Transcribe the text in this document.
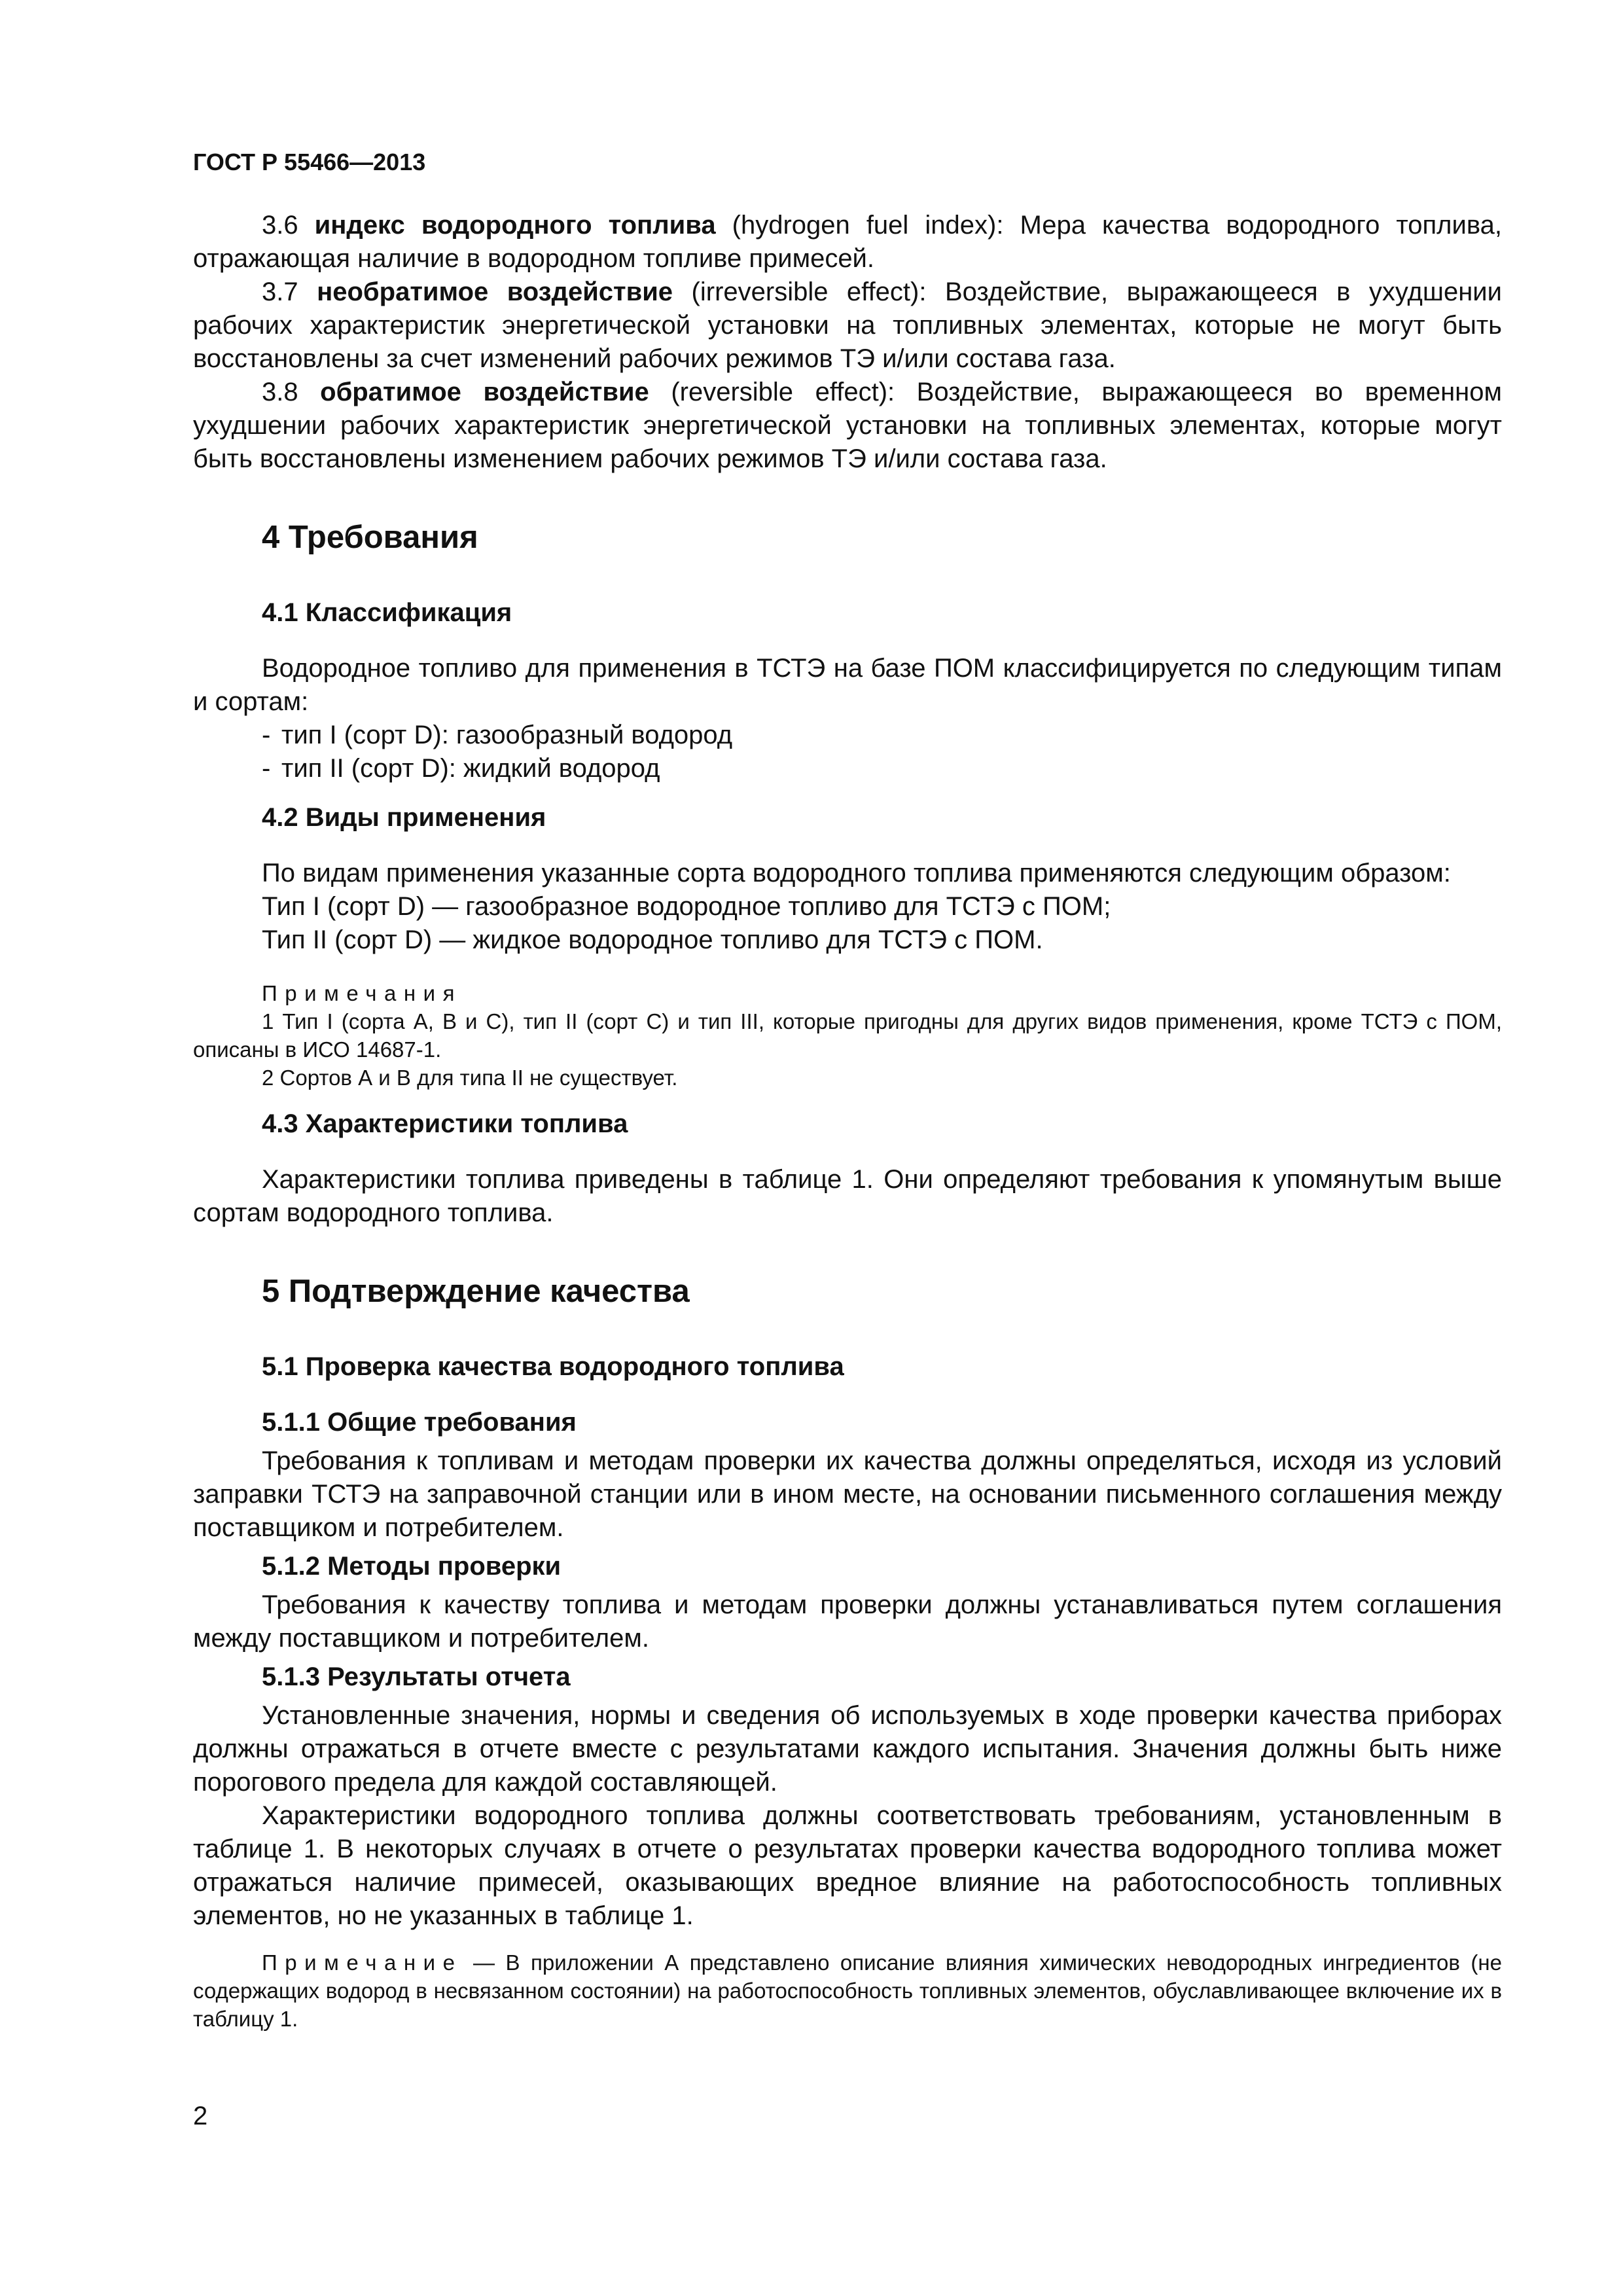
ГОСТ Р 55466—2013

3.6 индекс водородного топлива (hydrogen fuel index): Мера качества водородного топлива, отражающая наличие в водородном топливе примесей.

3.7 необратимое воздействие (irreversible effect): Воздействие, выражающееся в ухудшении рабочих характеристик энергетической установки на топливных элементах, которые не могут быть восстановлены за счет изменений рабочих режимов ТЭ и/или состава газа.

3.8 обратимое воздействие (reversible effect): Воздействие, выражающееся во временном ухудшении рабочих характеристик энергетической установки на топливных элементах, которые могут быть восстановлены изменением рабочих режимов ТЭ и/или состава газа.

4 Требования
4.1 Классификация

Водородное топливо для применения в ТСТЭ на базе ПОМ классифицируется по следующим типам и сортам:

- тип I (сорт D): газообразный водород
- тип II (сорт D): жидкий водород
4.2 Виды применения
По видам применения указанные сорта водородного топлива применяются следующим образом:
Тип I (сорт D) — газообразное водородное топливо для ТСТЭ с ПОМ;
Тип II (сорт D) — жидкое водородное топливо для ТСТЭ с ПОМ.

Примечания

1 Тип I (сорта А, В и С), тип II (сорт С) и тип III, которые пригодны для других видов применения, кроме ТСТЭ с ПОМ, описаны в ИСО 14687-1.

2 Сортов А и В для типа II не существует.

4.3 Характеристики топлива

Характеристики топлива приведены в таблице 1. Они определяют требования к упомянутым выше сортам водородного топлива.

5 Подтверждение качества
5.1 Проверка качества водородного топлива
5.1.1 Общие требования

Требования к топливам и методам проверки их качества должны определяться, исходя из условий заправки ТСТЭ на заправочной станции или в ином месте, на основании письменного соглашения между поставщиком и потребителем.

5.1.2 Методы проверки

Требования к качеству топлива и методам проверки должны устанавливаться путем соглашения между поставщиком и потребителем.

5.1.3 Результаты отчета

Установленные значения, нормы и сведения об используемых в ходе проверки качества приборах должны отражаться в отчете вместе с результатами каждого испытания. Значения должны быть ниже порогового предела для каждой составляющей.

Характеристики водородного топлива должны соответствовать требованиям, установленным в таблице 1. В некоторых случаях в отчете о результатах проверки качества водородного топлива может отражаться наличие примесей, оказывающих вредное влияние на работоспособность топливных элементов, но не указанных в таблице 1.

Примечание — В приложении А представлено описание влияния химических неводородных ингредиентов (не содержащих водород в несвязанном состоянии) на работоспособность топливных элементов, обуславливающее включение их в таблицу 1.

2
